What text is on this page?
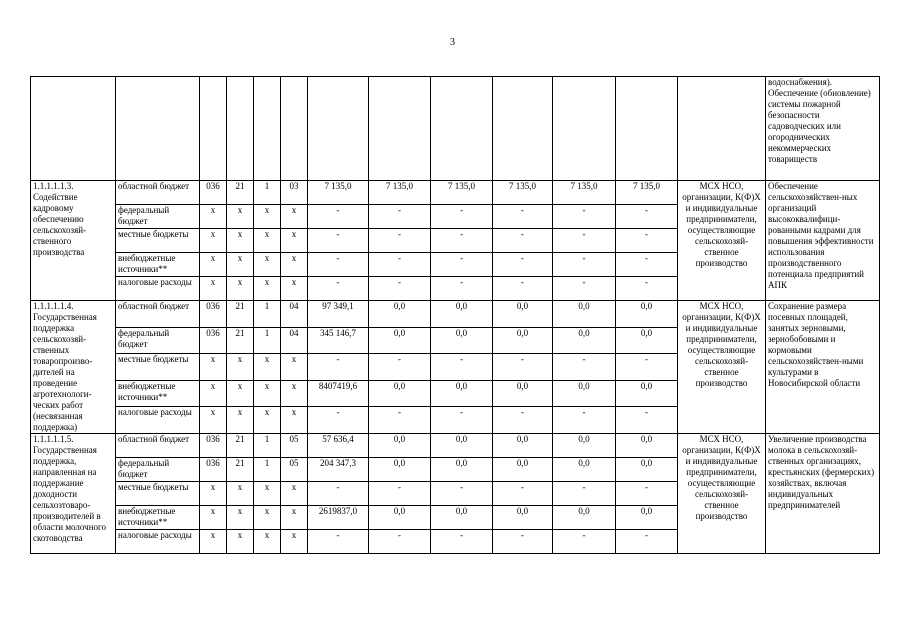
3
													водоснабжения). Обеспечение (обновление) системы пожарной безопасности садоводческих или огороднических некоммерческих товариществ
1.1.1.1.1.3. Содействие кадровому обеспечению сельскохозяй-ственного производства	областной бюджет	036	21	1	03	7 135,0	7 135,0	7 135,0	7 135,0	7 135,0	7 135,0	МСХ НСО, организации, К(Ф)Х и индивидуальные предприниматели, осуществляющие сельскохозяй-ственное производство	Обеспечение сельскохозяйствен-ных организаций высококвалифици-рованными кадрами для повышения эффективности использования производственного потенциала предприятий АПК
	федеральный бюджет	х	х	х	х	-	-	-	-	-	-		
	местные бюджеты	х	х	х	х	-	-	-	-	-	-		
	внебюджетные источники**	х	х	х	х	-	-	-	-	-	-		
	налоговые расходы	х	х	х	х	-	-	-	-	-	-		
1.1.1.1.1.4. Государственная поддержка сельскохозяй-ственных товаропроизво-дителей на проведение агротехнологи-ческих работ (несвязанная поддержка)	областной бюджет	036	21	1	04	97 349,1	0,0	0,0	0,0	0,0	0,0	МСХ НСО, организации, К(Ф)Х и индивидуальные предприниматели, осуществляющие сельскохозяй-ственное производство	Сохранение размера посевных площадей, занятых зерновыми, зернобобовыми и кормовыми сельскохозяйствен-ными культурами в Новосибирской области
	федеральный бюджет	036	21	1	04	345 146,7	0,0	0,0	0,0	0,0	0,0		
	местные бюджеты	х	х	х	х	-	-	-	-	-	-		
	внебюджетные источники**	х	х	х	х	8407419,6	0,0	0,0	0,0	0,0	0,0		
	налоговые расходы	х	х	х	х	-	-	-	-	-	-		
1.1.1.1.1.5. Государственная поддержка, направленная на поддержание доходности сельхозтоваро-производителей в области молочного скотоводства	областной бюджет	036	21	1	05	57 636,4	0,0	0,0	0,0	0,0	0,0	МСХ НСО, организации, К(Ф)Х и индивидуальные предприниматели, осуществляющие сельскохозяй-ственное производство	Увеличение производства молока в сельскохозяй-ственных организациях, крестьянских (фермерских) хозяйствах, включая индивидуальных предпринимателей
	федеральный бюджет	036	21	1	05	204 347,3	0,0	0,0	0,0	0,0	0,0		
	местные бюджеты	х	х	х	х	-	-	-	-	-	-		
	внебюджетные источники**	х	х	х	х	2619837,0	0,0	0,0	0,0	0,0	0,0		
	налоговые расходы	х	х	х	х	-	-	-	-	-	-		
